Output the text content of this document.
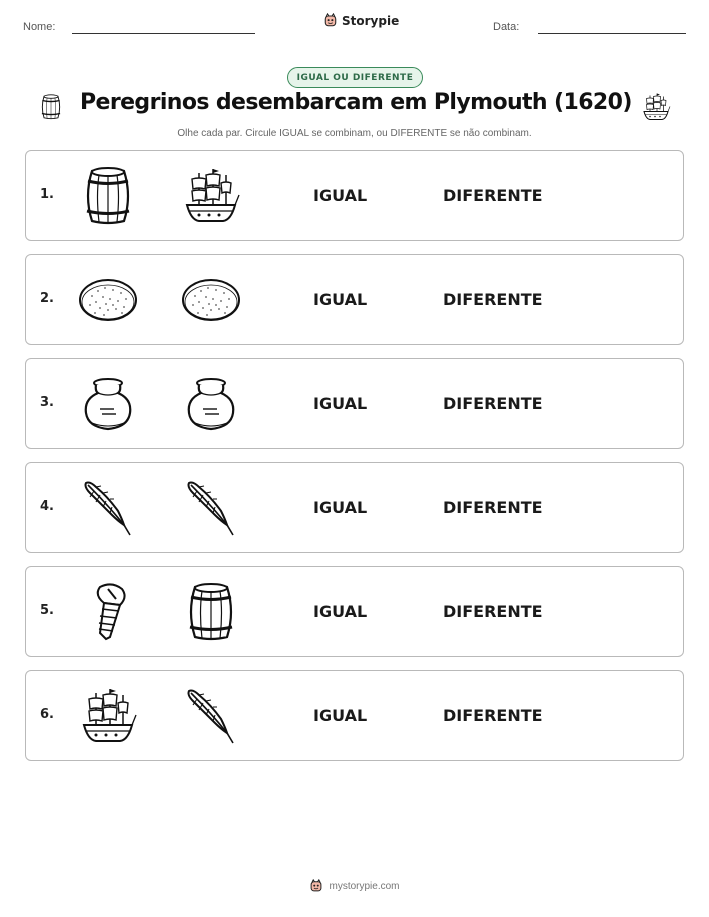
Nome:	Storypie	Data:
IGUAL OU DIFERENTE
Peregrinos desembarcam em Plymouth (1620)
Olhe cada par. Circule IGUAL se combinam, ou DIFERENTE se não combinam.
1.	IGUAL	DIFERENTE
2.	IGUAL	DIFERENTE
3.	IGUAL	DIFERENTE
4.	IGUAL	DIFERENTE
5.	IGUAL	DIFERENTE
6.	IGUAL	DIFERENTE
mystorypie.com
